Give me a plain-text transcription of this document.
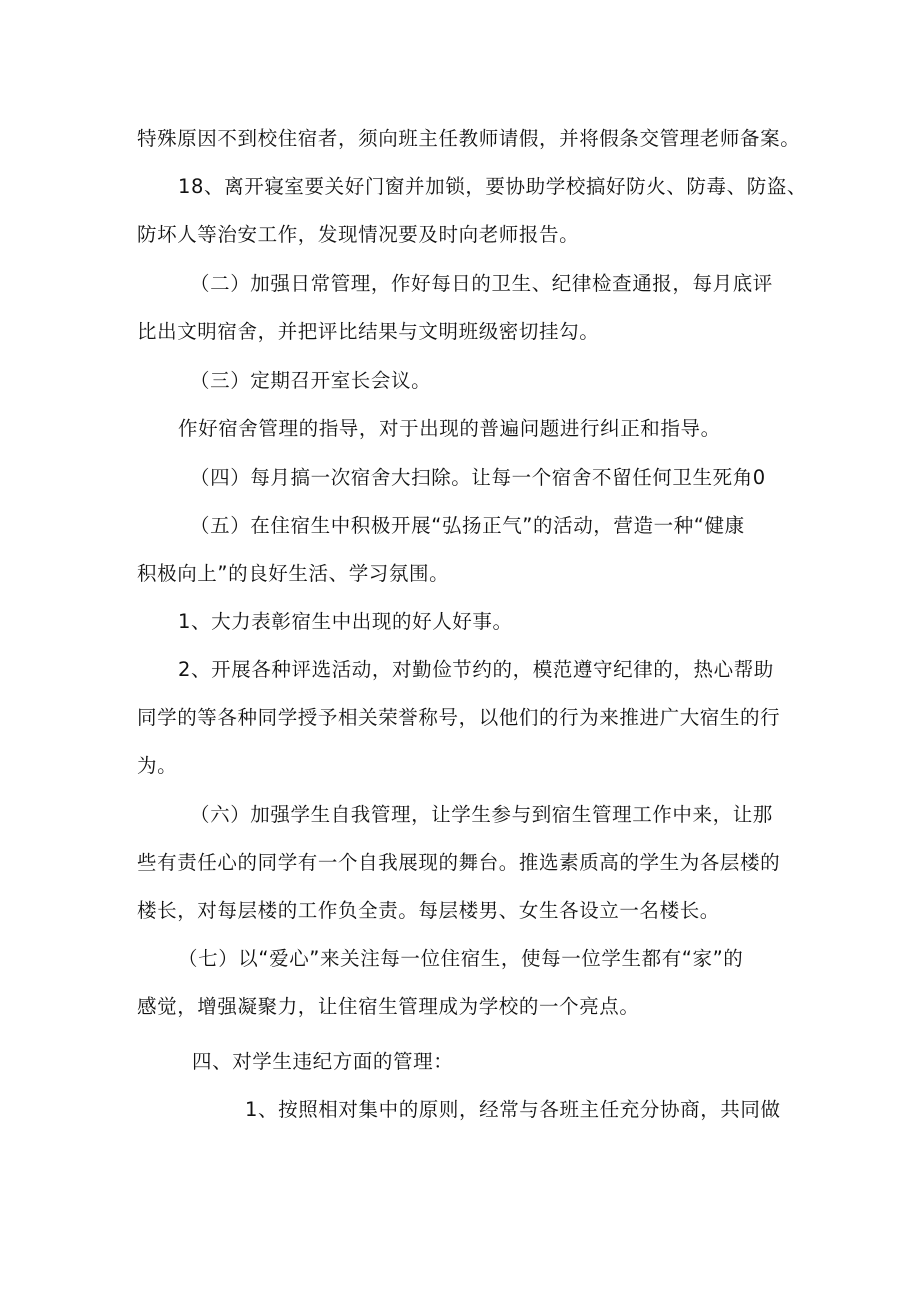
特殊原因不到校住宿者，须向班主任教师请假，并将假条交管理老师备案。
18、离开寝室要关好门窗并加锁，要协助学校搞好防火、防毒、防盗、
防坏人等治安工作，发现情况要及时向老师报告。
（二）加强日常管理，作好每日的卫生、纪律检查通报，每月底评
比出文明宿舍，并把评比结果与文明班级密切挂勾。
（三）定期召开室长会议。
作好宿舍管理的指导，对于出现的普遍问题进行纠正和指导。
（四）每月搞一次宿舍大扫除。让每一个宿舍不留任何卫生死角0
（五）在住宿生中积极开展“弘扬正气”的活动，营造一种“健康
积极向上”的良好生活、学习氛围。
1、大力表彰宿生中出现的好人好事。
2、开展各种评选活动，对勤俭节约的，模范遵守纪律的，热心帮助
同学的等各种同学授予相关荣誉称号，以他们的行为来推进广大宿生的行
为。
（六）加强学生自我管理，让学生参与到宿生管理工作中来，让那
些有责任心的同学有一个自我展现的舞台。推选素质高的学生为各层楼的
楼长，对每层楼的工作负全责。每层楼男、女生各设立一名楼长。
（七）以“爱心”来关注每一位住宿生，使每一位学生都有“家”的
感觉，增强凝聚力，让住宿生管理成为学校的一个亮点。
四、对学生违纪方面的管理：
1、按照相对集中的原则，经常与各班主任充分协商，共同做
